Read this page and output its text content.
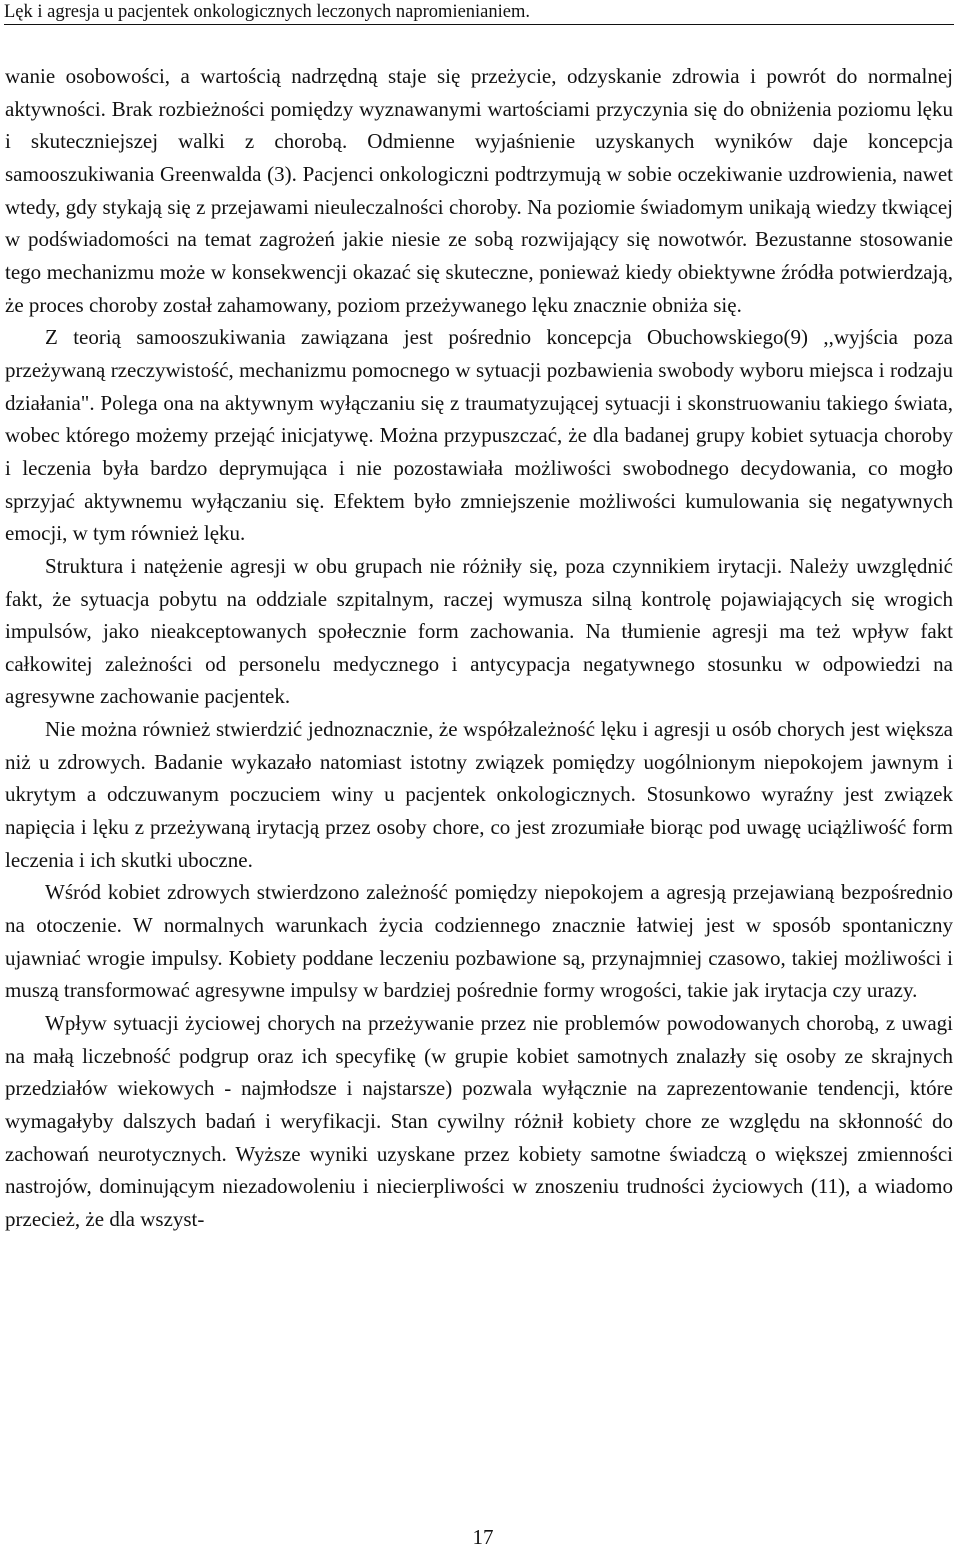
Lęk i agresja u pacjentek onkologicznych leczonych napromienianiem.

wanie osobowości, a wartością nadrzędną staje się przeżycie, odzyskanie zdrowia i powrót do normalnej aktywności. Brak rozbieżności pomiędzy wyznawanymi wartościami przyczynia się do obniżenia poziomu lęku i skuteczniejszej walki z chorobą. Odmienne wyjaśnienie uzyskanych wyników daje koncepcja samooszukiwania Greenwalda (3). Pacjenci onkologiczni podtrzymują w sobie oczekiwanie uzdrowienia, nawet wtedy, gdy stykają się z przejawami nieuleczalności choroby. Na poziomie świadomym unikają wiedzy tkwiącej w podświadomości na temat zagrożeń jakie niesie ze sobą rozwijający się nowotwór. Bezustanne stosowanie tego mechanizmu może w konsekwencji okazać się skuteczne, ponieważ kiedy obiektywne źródła potwierdzają, że proces choroby został zahamowany, poziom przeżywanego lęku znacznie obniża się.

Z teorią samooszukiwania zawiązana jest pośrednio koncepcja Obuchowskiego(9) ,,wyjścia poza przeżywaną rzeczywistość, mechanizmu pomocnego w sytuacji pozbawienia swobody wyboru miejsca i rodzaju działania". Polega ona na aktywnym wyłączaniu się z traumatyzującej sytuacji i skonstruowaniu takiego świata, wobec którego możemy przejąć inicjatywę. Można przypuszczać, że dla badanej grupy kobiet sytuacja choroby i leczenia była bardzo deprymująca i nie pozostawiała możliwości swobodnego decydowania, co mogło sprzyjać aktywnemu wyłączaniu się. Efektem było zmniejszenie możliwości kumulowania się negatywnych emocji, w tym również lęku.

Struktura i natężenie agresji w obu grupach nie różniły się, poza czynnikiem irytacji. Należy uwzględnić fakt, że sytuacja pobytu na oddziale szpitalnym, raczej wymusza silną kontrolę pojawiających się wrogich impulsów, jako nieakceptowanych społecznie form zachowania. Na tłumienie agresji ma też wpływ fakt całkowitej zależności od personelu medycznego i antycypacja negatywnego stosunku w odpowiedzi na agresywne zachowanie pacjentek.

Nie można również stwierdzić jednoznacznie, że współzależność lęku i agresji u osób chorych jest większa niż u zdrowych. Badanie wykazało natomiast istotny związek pomiędzy uogólnionym niepokojem jawnym i ukrytym a odczuwanym poczuciem winy u pacjentek onkologicznych. Stosunkowo wyraźny jest związek napięcia i lęku z przeżywaną irytacją przez osoby chore, co jest zrozumiałe biorąc pod uwagę uciążliwość form leczenia i ich skutki uboczne.

Wśród kobiet zdrowych stwierdzono zależność pomiędzy niepokojem a agresją przejawianą bezpośrednio na otoczenie. W normalnych warunkach życia codziennego znacznie łatwiej jest w sposób spontaniczny ujawniać wrogie impulsy. Kobiety poddane leczeniu pozbawione są, przynajmniej czasowo, takiej możliwości i muszą transformować agresywne impulsy w bardziej pośrednie formy wrogości, takie jak irytacja czy urazy.

Wpływ sytuacji życiowej chorych na przeżywanie przez nie problemów powodowanych chorobą, z uwagi na małą liczebność podgrup oraz ich specyfikę (w grupie kobiet samotnych znalazły się osoby ze skrajnych przedziałów wiekowych - najmłodsze i najstarsze) pozwala wyłącznie na zaprezentowanie tendencji, które wymagałyby dalszych badań i weryfikacji. Stan cywilny różnił kobiety chore ze względu na skłonność do zachowań neurotycznych. Wyższe wyniki uzyskane przez kobiety samotne świadczą o większej zmienności nastrojów, dominującym niezadowoleniu i niecierpliwości w znoszeniu trudności życiowych (11), a wiadomo przecież, że dla wszyst-

17
